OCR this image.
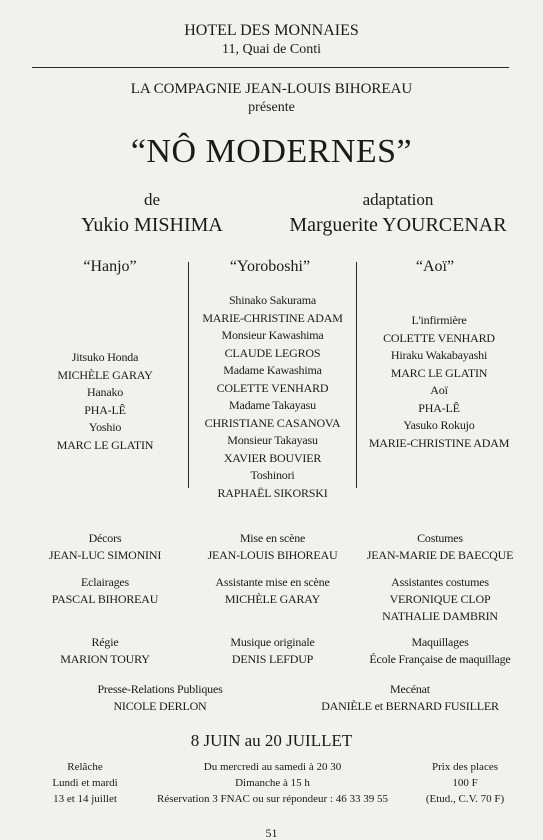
HOTEL DES MONNAIES
11, Quai de Conti
LA COMPAGNIE JEAN-LOUIS BIHOREAU
présente
“NÔ MODERNES”
de
Yukio MISHIMA
adaptation
Marguerite YOURCENAR
“Hanjo”	“Yoroboshi”	“Aoï”
Jitsuko Honda
MICHÈLE GARAY
Hanako
PHA-LÊ
Yoshio
MARC LE GLATIN
Shinako Sakurama
MARIE-CHRISTINE ADAM
Monsieur Kawashima
CLAUDE LEGROS
Madame Kawashima
COLETTE VENHARD
Madame Takayasu
CHRISTIANE CASANOVA
Monsieur Takayasu
XAVIER BOUVIER
Toshinori
RAPHAËL SIKORSKI
L'infirmière
COLETTE VENHARD
Hiraku Wakabayashi
MARC LE GLATIN
Aoï
PHA-LÊ
Yasuko Rokujo
MARIE-CHRISTINE ADAM
Décors
JEAN-LUC SIMONINI
Mise en scène
JEAN-LOUIS BIHOREAU
Costumes
JEAN-MARIE DE BAECQUE
Eclairages
PASCAL BIHOREAU
Assistante mise en scène
MICHÈLE GARAY
Assistantes costumes
VERONIQUE CLOP
NATHALIE DAMBRIN
Régie
MARION TOURY
Musique originale
DENIS LEFDUP
Maquillages
École Française de maquillage
Presse-Relations Publiques
NICOLE DERLON
Mecénat
DANIÈLE et BERNARD FUSILLER
8 JUIN au 20 JUILLET
Relâche
Lundi et mardi
13 et 14 juillet
Du mercredi au samedi à 20 30
Dimanche à 15 h
Réservation 3 FNAC ou sur répondeur : 46 33 39 55
Prix des places
100 F
(Etud., C.V. 70 F)
51
